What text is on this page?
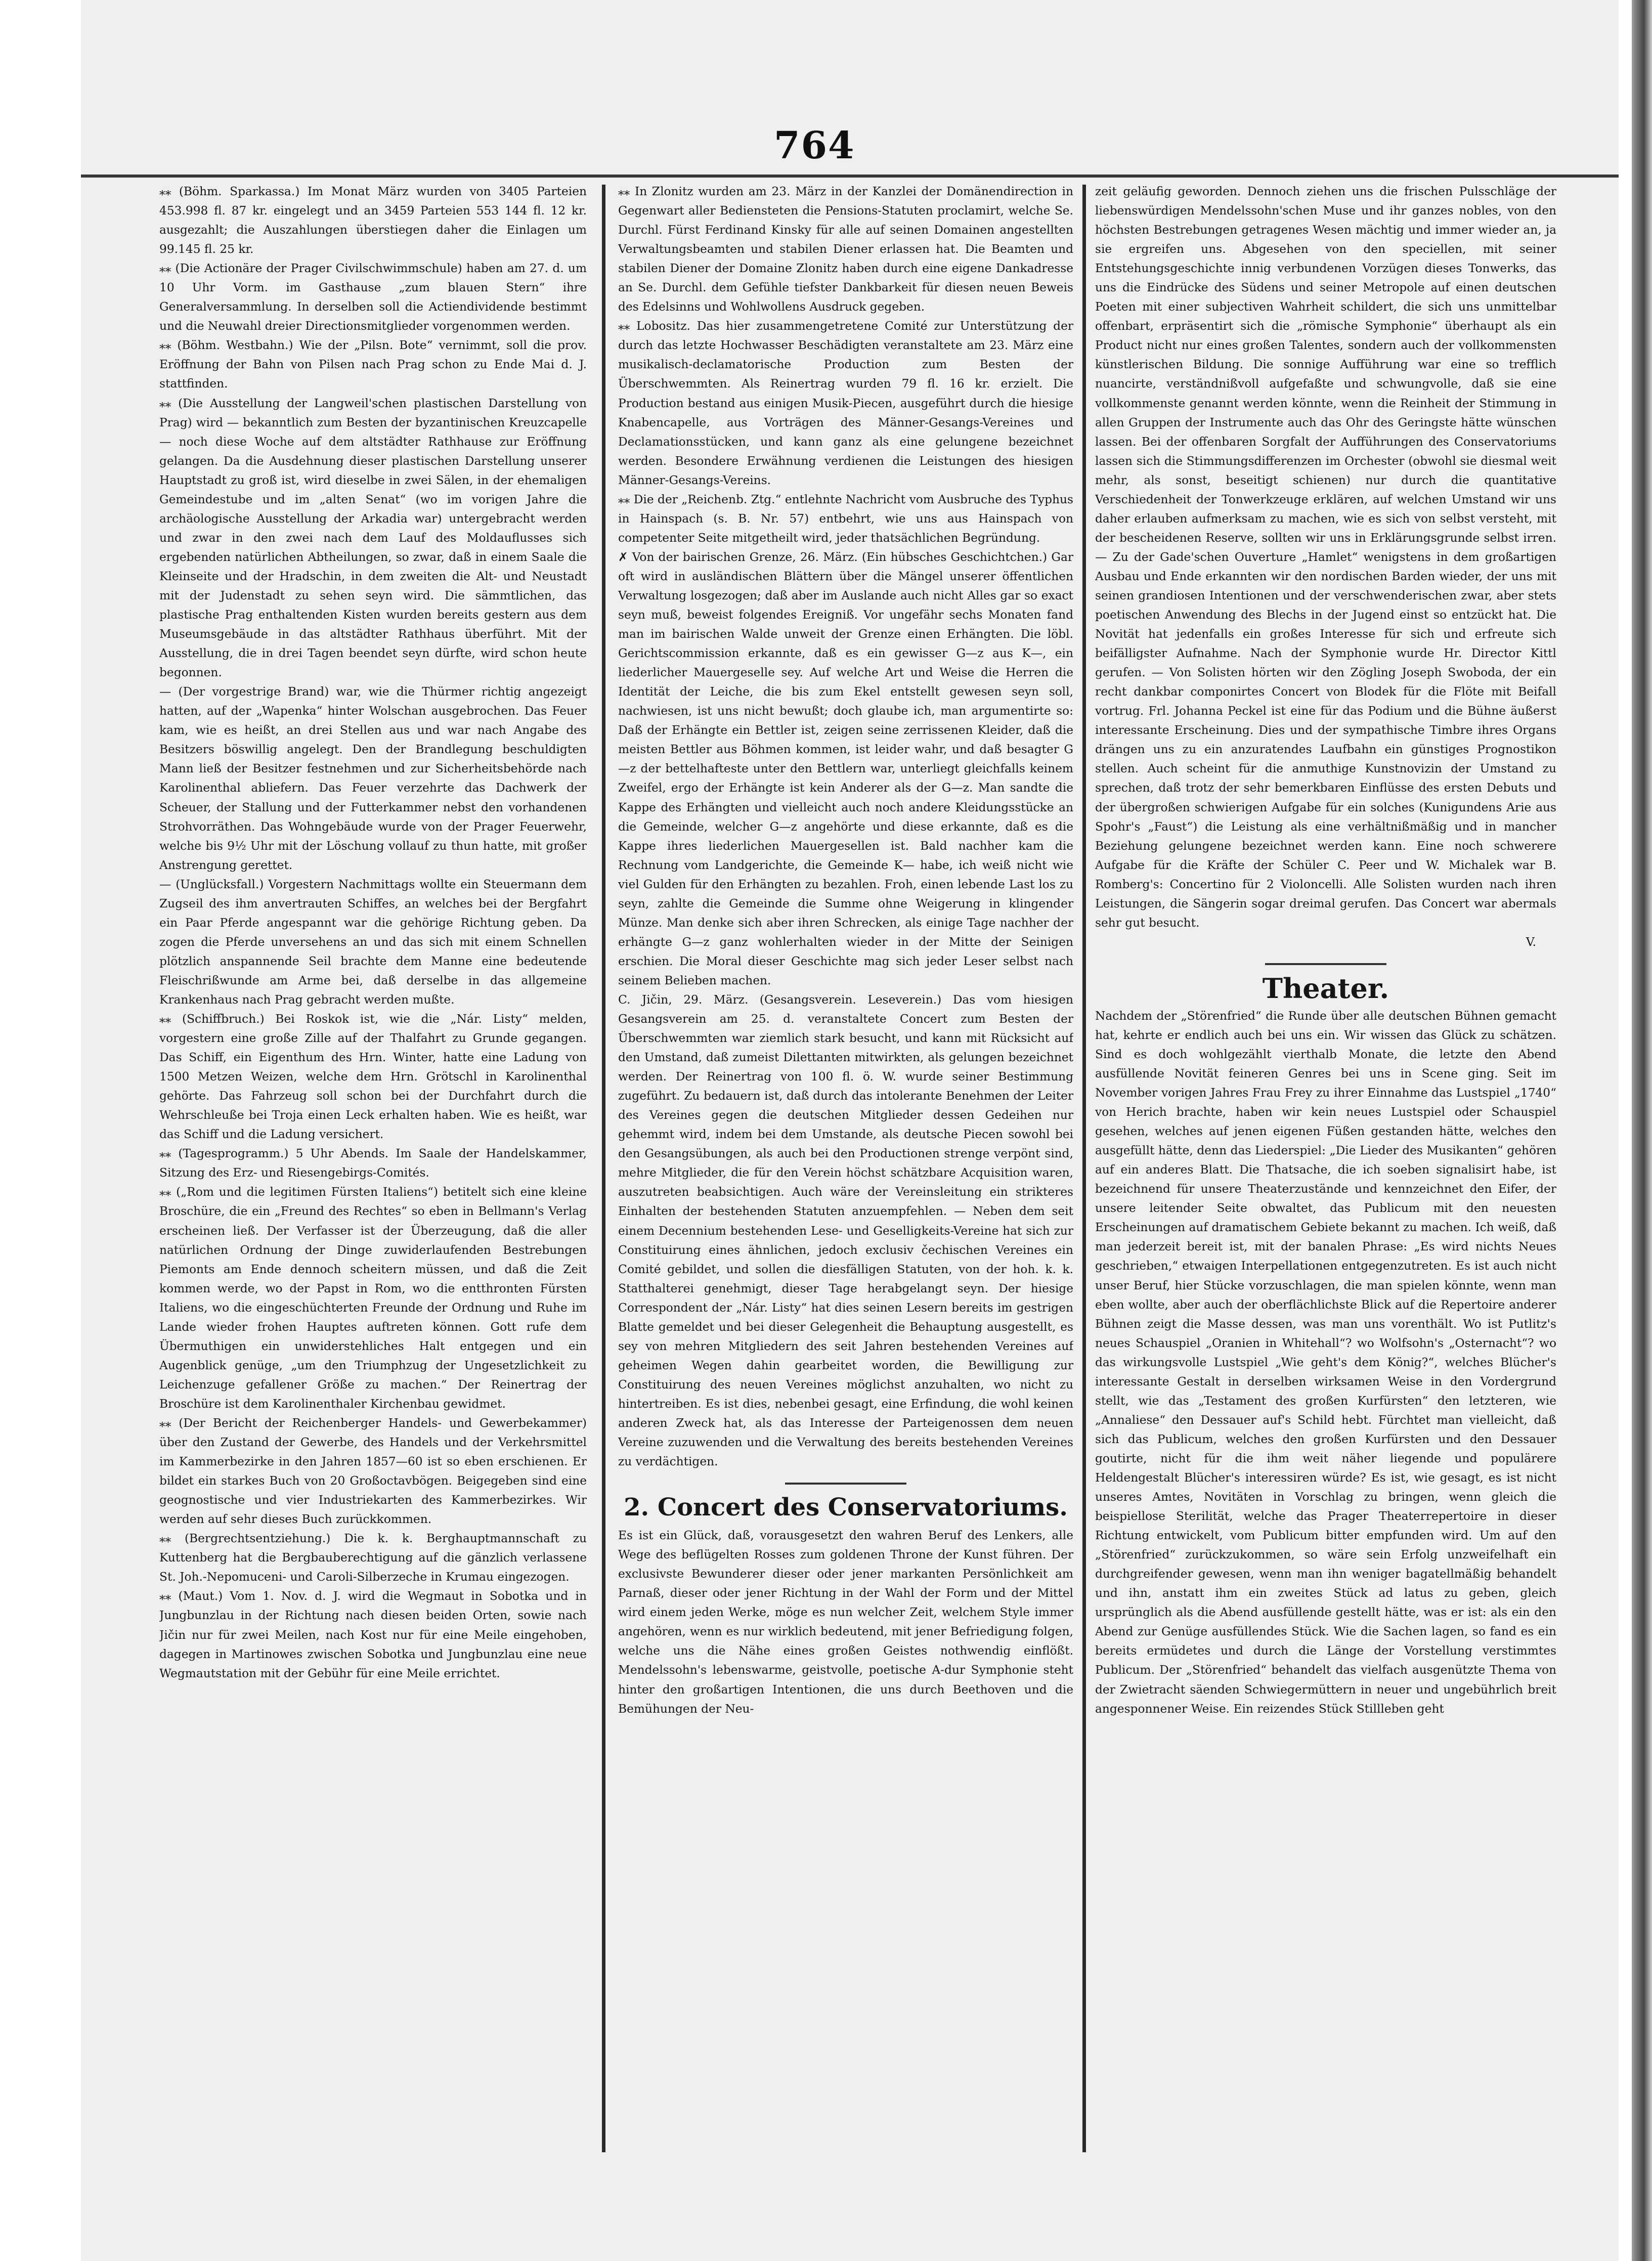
764

⁎⁎ (Böhm. Sparkassa.) Im Monat März wurden von 3405 Parteien 453.998 fl. 87 kr. eingelegt und an 3459 Parteien 553 144 fl. 12 kr. ausgezahlt; die Auszahlungen überstiegen daher die Einlagen um 99.145 fl. 25 kr.

⁎⁎ (Die Actionäre der Prager Civilschwimmschule) haben am 27. d. um 10 Uhr Vorm. im Gasthause „zum blauen Stern“ ihre Generalversammlung. In derselben soll die Actiendividende bestimmt und die Neuwahl dreier Directionsmitglieder vorgenommen werden.

⁎⁎ (Böhm. Westbahn.) Wie der „Pilsn. Bote“ vernimmt, soll die prov. Eröffnung der Bahn von Pilsen nach Prag schon zu Ende Mai d. J. stattfinden.

⁎⁎ (Die Ausstellung der Langweil'schen plastischen Darstellung von Prag) wird — bekanntlich zum Besten der byzantinischen Kreuzcapelle — noch diese Woche auf dem altstädter Rathhause zur Eröffnung gelangen. Da die Ausdehnung dieser plastischen Darstellung unserer Hauptstadt zu groß ist, wird dieselbe in zwei Sälen, in der ehemaligen Gemeindestube und im „alten Senat“ (wo im vorigen Jahre die archäologische Ausstellung der Arkadia war) untergebracht werden und zwar in den zwei nach dem Lauf des Moldauflusses sich ergebenden natürlichen Abtheilungen, so zwar, daß in einem Saale die Kleinseite und der Hradschin, in dem zweiten die Alt- und Neustadt mit der Judenstadt zu sehen seyn wird. Die sämmtlichen, das plastische Prag enthaltenden Kisten wurden bereits gestern aus dem Museumsgebäude in das altstädter Rathhaus überführt. Mit der Ausstellung, die in drei Tagen beendet seyn dürfte, wird schon heute begonnen.

— (Der vorgestrige Brand) war, wie die Thürmer richtig angezeigt hatten, auf der „Wapenka“ hinter Wolschan ausgebrochen. Das Feuer kam, wie es heißt, an drei Stellen aus und war nach Angabe des Besitzers böswillig angelegt. Den der Brandlegung beschuldigten Mann ließ der Besitzer festnehmen und zur Sicherheitsbehörde nach Karolinenthal abliefern. Das Feuer verzehrte das Dachwerk der Scheuer, der Stallung und der Futterkammer nebst den vorhandenen Strohvorräthen. Das Wohngebäude wurde von der Prager Feuerwehr, welche bis 9½ Uhr mit der Löschung vollauf zu thun hatte, mit großer Anstrengung gerettet.

— (Unglücksfall.) Vorgestern Nachmittags wollte ein Steuermann dem Zugseil des ihm anvertrauten Schiffes, an welches bei der Bergfahrt ein Paar Pferde angespannt war die gehörige Richtung geben. Da zogen die Pferde unversehens an und das sich mit einem Schnellen plötzlich anspannende Seil brachte dem Manne eine bedeutende Fleischrißwunde am Arme bei, daß derselbe in das allgemeine Krankenhaus nach Prag gebracht werden mußte.

⁎⁎ (Schiffbruch.) Bei Roskok ist, wie die „Nár. Listy“ melden, vorgestern eine große Zille auf der Thalfahrt zu Grunde gegangen. Das Schiff, ein Eigenthum des Hrn. Winter, hatte eine Ladung von 1500 Metzen Weizen, welche dem Hrn. Grötschl in Karolinenthal gehörte. Das Fahrzeug soll schon bei der Durchfahrt durch die Wehrschleuße bei Troja einen Leck erhalten haben. Wie es heißt, war das Schiff und die Ladung versichert.

⁎⁎ (Tagesprogramm.) 5 Uhr Abends. Im Saale der Handelskammer, Sitzung des Erz- und Riesengebirgs-Comités.

⁎⁎ („Rom und die legitimen Fürsten Italiens“) betitelt sich eine kleine Broschüre, die ein „Freund des Rechtes“ so eben in Bellmann's Verlag erscheinen ließ. Der Verfasser ist der Überzeugung, daß die aller natürlichen Ordnung der Dinge zuwiderlaufenden Bestrebungen Piemonts am Ende dennoch scheitern müssen, und daß die Zeit kommen werde, wo der Papst in Rom, wo die entthronten Fürsten Italiens, wo die eingeschüchterten Freunde der Ordnung und Ruhe im Lande wieder frohen Hauptes auftreten können. Gott rufe dem Übermuthigen ein unwiderstehliches Halt entgegen und ein Augenblick genüge, „um den Triumphzug der Ungesetzlichkeit zu Leichenzuge gefallener Größe zu machen.“ Der Reinertrag der Broschüre ist dem Karolinenthaler Kirchenbau gewidmet.

⁎⁎ (Der Bericht der Reichenberger Handels- und Gewerbekammer) über den Zustand der Gewerbe, des Handels und der Verkehrsmittel im Kammerbezirke in den Jahren 1857—60 ist so eben erschienen. Er bildet ein starkes Buch von 20 Großoctavbögen. Beigegeben sind eine geognostische und vier Industriekarten des Kammerbezirkes. Wir werden auf sehr dieses Buch zurückkommen.

⁎⁎ (Bergrechtsentziehung.) Die k. k. Berghauptmannschaft zu Kuttenberg hat die Bergbauberechtigung auf die gänzlich verlassene St. Joh.-Nepomuceni- und Caroli-Silberzeche in Krumau eingezogen.

⁎⁎ (Maut.) Vom 1. Nov. d. J. wird die Wegmaut in Sobotka und in Jungbunzlau in der Richtung nach diesen beiden Orten, sowie nach Jičin nur für zwei Meilen, nach Kost nur für eine Meile eingehoben, dagegen in Martinowes zwischen Sobotka und Jungbunzlau eine neue Wegmautstation mit der Gebühr für eine Meile errichtet.

⁎⁎ In Zlonitz wurden am 23. März in der Kanzlei der Domänendirection in Gegenwart aller Bediensteten die Pensions-Statuten proclamirt, welche Se. Durchl. Fürst Ferdinand Kinsky für alle auf seinen Domainen angestellten Verwaltungsbeamten und stabilen Diener erlassen hat. Die Beamten und stabilen Diener der Domaine Zlonitz haben durch eine eigene Dankadresse an Se. Durchl. dem Gefühle tiefster Dankbarkeit für diesen neuen Beweis des Edelsinns und Wohlwollens Ausdruck gegeben.

⁎⁎ Lobositz. Das hier zusammengetretene Comité zur Unterstützung der durch das letzte Hochwasser Beschädigten veranstaltete am 23. März eine musikalisch-declamatorische Production zum Besten der Überschwemmten. Als Reinertrag wurden 79 fl. 16 kr. erzielt. Die Production bestand aus einigen Musik-Piecen, ausgeführt durch die hiesige Knabencapelle, aus Vorträgen des Männer-Gesangs-Vereines und Declamationsstücken, und kann ganz als eine gelungene bezeichnet werden. Besondere Erwähnung verdienen die Leistungen des hiesigen Männer-Gesangs-Vereins.

⁎⁎ Die der „Reichenb. Ztg.“ entlehnte Nachricht vom Ausbruche des Typhus in Hainspach (s. B. Nr. 57) entbehrt, wie uns aus Hainspach von competenter Seite mitgetheilt wird, jeder thatsächlichen Begründung.

✗ Von der bairischen Grenze, 26. März. (Ein hübsches Geschichtchen.) Gar oft wird in ausländischen Blättern über die Mängel unserer öffentlichen Verwaltung losgezogen; daß aber im Auslande auch nicht Alles gar so exact seyn muß, beweist folgendes Ereigniß. Vor ungefähr sechs Monaten fand man im bairischen Walde unweit der Grenze einen Erhängten. Die löbl. Gerichtscommission erkannte, daß es ein gewisser G—z aus K—, ein liederlicher Mauergeselle sey. Auf welche Art und Weise die Herren die Identität der Leiche, die bis zum Ekel entstellt gewesen seyn soll, nachwiesen, ist uns nicht bewußt; doch glaube ich, man argumentirte so: Daß der Erhängte ein Bettler ist, zeigen seine zerrissenen Kleider, daß die meisten Bettler aus Böhmen kommen, ist leider wahr, und daß besagter G—z der bettelhafteste unter den Bettlern war, unterliegt gleichfalls keinem Zweifel, ergo der Erhängte ist kein Anderer als der G—z. Man sandte die Kappe des Erhängten und vielleicht auch noch andere Kleidungsstücke an die Gemeinde, welcher G—z angehörte und diese erkannte, daß es die Kappe ihres liederlichen Mauergesellen ist. Bald nachher kam die Rechnung vom Landgerichte, die Gemeinde K— habe, ich weiß nicht wie viel Gulden für den Erhängten zu bezahlen. Froh, einen lebende Last los zu seyn, zahlte die Gemeinde die Summe ohne Weigerung in klingender Münze. Man denke sich aber ihren Schrecken, als einige Tage nachher der erhängte G—z ganz wohlerhalten wieder in der Mitte der Seinigen erschien. Die Moral dieser Geschichte mag sich jeder Leser selbst nach seinem Belieben machen.

C. Jičin, 29. März. (Gesangsverein. Leseverein.) Das vom hiesigen Gesangsverein am 25. d. veranstaltete Concert zum Besten der Überschwemmten war ziemlich stark besucht, und kann mit Rücksicht auf den Umstand, daß zumeist Dilettanten mitwirkten, als gelungen bezeichnet werden. Der Reinertrag von 100 fl. ö. W. wurde seiner Bestimmung zugeführt. Zu bedauern ist, daß durch das intolerante Benehmen der Leiter des Vereines gegen die deutschen Mitglieder dessen Gedeihen nur gehemmt wird, indem bei dem Umstande, als deutsche Piecen sowohl bei den Gesangsübungen, als auch bei den Productionen strenge verpönt sind, mehre Mitglieder, die für den Verein höchst schätzbare Acquisition waren, auszutreten beabsichtigen. Auch wäre der Vereinsleitung ein strikteres Einhalten der bestehenden Statuten anzuempfehlen. — Neben dem seit einem Decennium bestehenden Lese- und Geselligkeits-Vereine hat sich zur Constituirung eines ähnlichen, jedoch exclusiv čechischen Vereines ein Comité gebildet, und sollen die diesfälligen Statuten, von der hoh. k. k. Statthalterei genehmigt, dieser Tage herabgelangt seyn. Der hiesige Correspondent der „Nár. Listy“ hat dies seinen Lesern bereits im gestrigen Blatte gemeldet und bei dieser Gelegenheit die Behauptung ausgestellt, es sey von mehren Mitgliedern des seit Jahren bestehenden Vereines auf geheimen Wegen dahin gearbeitet worden, die Bewilligung zur Constituirung des neuen Vereines möglichst anzuhalten, wo nicht zu hintertreiben. Es ist dies, nebenbei gesagt, eine Erfindung, die wohl keinen anderen Zweck hat, als das Interesse der Parteigenossen dem neuen Vereine zuzuwenden und die Verwaltung des bereits bestehenden Vereines zu verdächtigen.

2. Concert des Conservatoriums.

Es ist ein Glück, daß, vorausgesetzt den wahren Beruf des Lenkers, alle Wege des beflügelten Rosses zum goldenen Throne der Kunst führen. Der exclusivste Bewunderer dieser oder jener markanten Persönlichkeit am Parnaß, dieser oder jener Richtung in der Wahl der Form und der Mittel wird einem jeden Werke, möge es nun welcher Zeit, welchem Style immer angehören, wenn es nur wirklich bedeutend, mit jener Befriedigung folgen, welche uns die Nähe eines großen Geistes nothwendig einflößt. Mendelssohn's lebenswarme, geistvolle, poetische A-dur Symphonie steht hinter den großartigen Intentionen, die uns durch Beethoven und die Bemühungen der Neu-

zeit geläufig geworden. Dennoch ziehen uns die frischen Pulsschläge der liebenswürdigen Mendelssohn'schen Muse und ihr ganzes nobles, von den höchsten Bestrebungen getragenes Wesen mächtig und immer wieder an, ja sie ergreifen uns. Abgesehen von den speciellen, mit seiner Entstehungsgeschichte innig verbundenen Vorzügen dieses Tonwerks, das uns die Eindrücke des Südens und seiner Metropole auf einen deutschen Poeten mit einer subjectiven Wahrheit schildert, die sich uns unmittelbar offenbart, erpräsentirt sich die „römische Symphonie“ überhaupt als ein Product nicht nur eines großen Talentes, sondern auch der vollkommensten künstlerischen Bildung. Die sonnige Aufführung war eine so trefflich nuancirte, verständnißvoll aufgefaßte und schwungvolle, daß sie eine vollkommenste genannt werden könnte, wenn die Reinheit der Stimmung in allen Gruppen der Instrumente auch das Ohr des Geringste hätte wünschen lassen. Bei der offenbaren Sorgfalt der Aufführungen des Conservatoriums lassen sich die Stimmungsdifferenzen im Orchester (obwohl sie diesmal weit mehr, als sonst, beseitigt schienen) nur durch die quantitative Verschiedenheit der Tonwerkzeuge erklären, auf welchen Umstand wir uns daher erlauben aufmerksam zu machen, wie es sich von selbst versteht, mit der bescheidenen Reserve, sollten wir uns in Erklärungsgrunde selbst irren. — Zu der Gade'schen Ouverture „Hamlet“ wenigstens in dem großartigen Ausbau und Ende erkannten wir den nordischen Barden wieder, der uns mit seinen grandiosen Intentionen und der verschwenderischen zwar, aber stets poetischen Anwendung des Blechs in der Jugend einst so entzückt hat. Die Novität hat jedenfalls ein großes Interesse für sich und erfreute sich beifälligster Aufnahme. Nach der Symphonie wurde Hr. Director Kittl gerufen. — Von Solisten hörten wir den Zögling Joseph Swoboda, der ein recht dankbar componirtes Concert von Blodek für die Flöte mit Beifall vortrug. Frl. Johanna Peckel ist eine für das Podium und die Bühne äußerst interessante Erscheinung. Dies und der sympathische Timbre ihres Organs drängen uns zu ein anzuratendes Laufbahn ein günstiges Prognostikon stellen. Auch scheint für die anmuthige Kunstnovizin der Umstand zu sprechen, daß trotz der sehr bemerkbaren Einflüsse des ersten Debuts und der übergroßen schwierigen Aufgabe für ein solches (Kunigundens Arie aus Spohr's „Faust“) die Leistung als eine verhältnißmäßig und in mancher Beziehung gelungene bezeichnet werden kann. Eine noch schwerere Aufgabe für die Kräfte der Schüler C. Peer und W. Michalek war B. Romberg's: Concertino für 2 Violoncelli. Alle Solisten wurden nach ihren Leistungen, die Sängerin sogar dreimal gerufen. Das Concert war abermals sehr gut besucht.

V.
Theater.

Nachdem der „Störenfried“ die Runde über alle deutschen Bühnen gemacht hat, kehrte er endlich auch bei uns ein. Wir wissen das Glück zu schätzen. Sind es doch wohlgezählt vierthalb Monate, die letzte den Abend ausfüllende Novität feineren Genres bei uns in Scene ging. Seit im November vorigen Jahres Frau Frey zu ihrer Einnahme das Lustspiel „1740“ von Herich brachte, haben wir kein neues Lustspiel oder Schauspiel gesehen, welches auf jenen eigenen Füßen gestanden hätte, welches den ausgefüllt hätte, denn das Liederspiel: „Die Lieder des Musikanten“ gehören auf ein anderes Blatt. Die Thatsache, die ich soeben signalisirt habe, ist bezeichnend für unsere Theaterzustände und kennzeichnet den Eifer, der unsere leitender Seite obwaltet, das Publicum mit den neuesten Erscheinungen auf dramatischem Gebiete bekannt zu machen. Ich weiß, daß man jederzeit bereit ist, mit der banalen Phrase: „Es wird nichts Neues geschrieben,“ etwaigen Interpellationen entgegenzutreten. Es ist auch nicht unser Beruf, hier Stücke vorzuschlagen, die man spielen könnte, wenn man eben wollte, aber auch der oberflächlichste Blick auf die Repertoire anderer Bühnen zeigt die Masse dessen, was man uns vorenthält. Wo ist Putlitz's neues Schauspiel „Oranien in Whitehall“? wo Wolfsohn's „Osternacht“? wo das wirkungsvolle Lustspiel „Wie geht's dem König?“, welches Blücher's interessante Gestalt in derselben wirksamen Weise in den Vordergrund stellt, wie das „Testament des großen Kurfürsten“ den letzteren, wie „Annaliese“ den Dessauer auf's Schild hebt. Fürchtet man vielleicht, daß sich das Publicum, welches den großen Kurfürsten und den Dessauer goutirte, nicht für die ihm weit näher liegende und populärere Heldengestalt Blücher's interessiren würde? Es ist, wie gesagt, es ist nicht unseres Amtes, Novitäten in Vorschlag zu bringen, wenn gleich die beispiellose Sterilität, welche das Prager Theaterrepertoire in dieser Richtung entwickelt, vom Publicum bitter empfunden wird. Um auf den „Störenfried“ zurückzukommen, so wäre sein Erfolg unzweifelhaft ein durchgreifender gewesen, wenn man ihn weniger bagatellmäßig behandelt und ihn, anstatt ihm ein zweites Stück ad latus zu geben, gleich ursprünglich als die Abend ausfüllende gestellt hätte, was er ist: als ein den Abend zur Genüge ausfüllendes Stück. Wie die Sachen lagen, so fand es ein bereits ermüdetes und durch die Länge der Vorstellung verstimmtes Publicum. Der „Störenfried“ behandelt das vielfach ausgenützte Thema von der Zwietracht säenden Schwiegermüttern in neuer und ungebührlich breit angesponnener Weise. Ein reizendes Stück Stillleben geht
